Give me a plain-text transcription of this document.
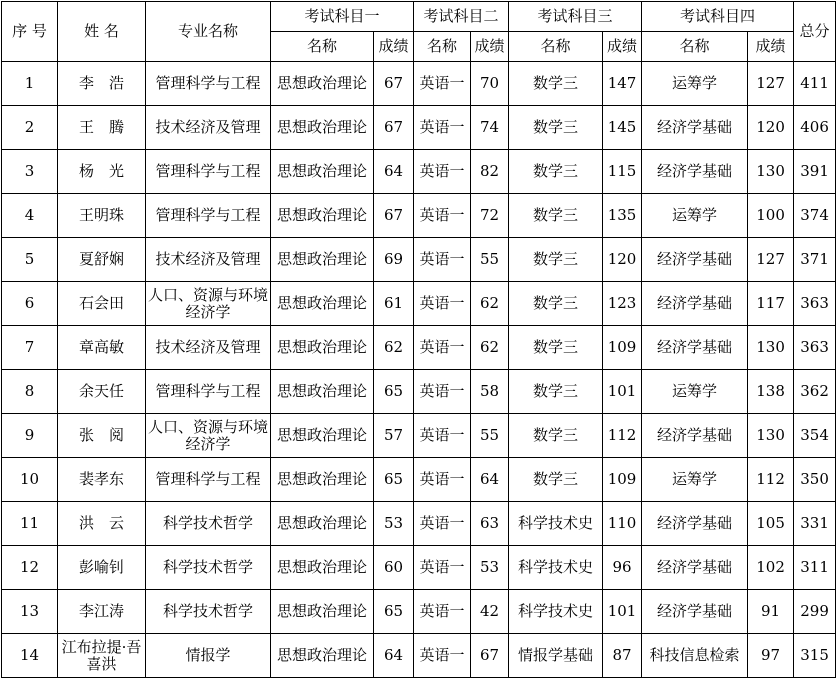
序 号	姓 名	专业名称	考试科目一		考试科目二		考试科目三		考试科目四		总分
			名称	成绩	名称	成绩	名称	成绩	名称	成绩	
1	李　浩	管理科学与工程	思想政治理论	67	英语一	70	数学三	147	运筹学	127	411
2	王　腾	技术经济及管理	思想政治理论	67	英语一	74	数学三	145	经济学基础	120	406
3	杨　光	管理科学与工程	思想政治理论	64	英语一	82	数学三	115	经济学基础	130	391
4	王明珠	管理科学与工程	思想政治理论	67	英语一	72	数学三	135	运筹学	100	374
5	夏舒娴	技术经济及管理	思想政治理论	69	英语一	55	数学三	120	经济学基础	127	371
6	石会田	人口、资源与环境经济学	思想政治理论	61	英语一	62	数学三	123	经济学基础	117	363
7	章高敏	技术经济及管理	思想政治理论	62	英语一	62	数学三	109	经济学基础	130	363
8	余天任	管理科学与工程	思想政治理论	65	英语一	58	数学三	101	运筹学	138	362
9	张　阅	人口、资源与环境经济学	思想政治理论	57	英语一	55	数学三	112	经济学基础	130	354
10	裴孝东	管理科学与工程	思想政治理论	65	英语一	64	数学三	109	运筹学	112	350
11	洪　云	科学技术哲学	思想政治理论	53	英语一	63	科学技术史	110	经济学基础	105	331
12	彭喻钊	科学技术哲学	思想政治理论	60	英语一	53	科学技术史	96	经济学基础	102	311
13	李江涛	科学技术哲学	思想政治理论	65	英语一	42	科学技术史	101	经济学基础	91	299
14	江布拉提·吾喜洪	情报学	思想政治理论	64	英语一	67	情报学基础	87	科技信息检索	97	315
